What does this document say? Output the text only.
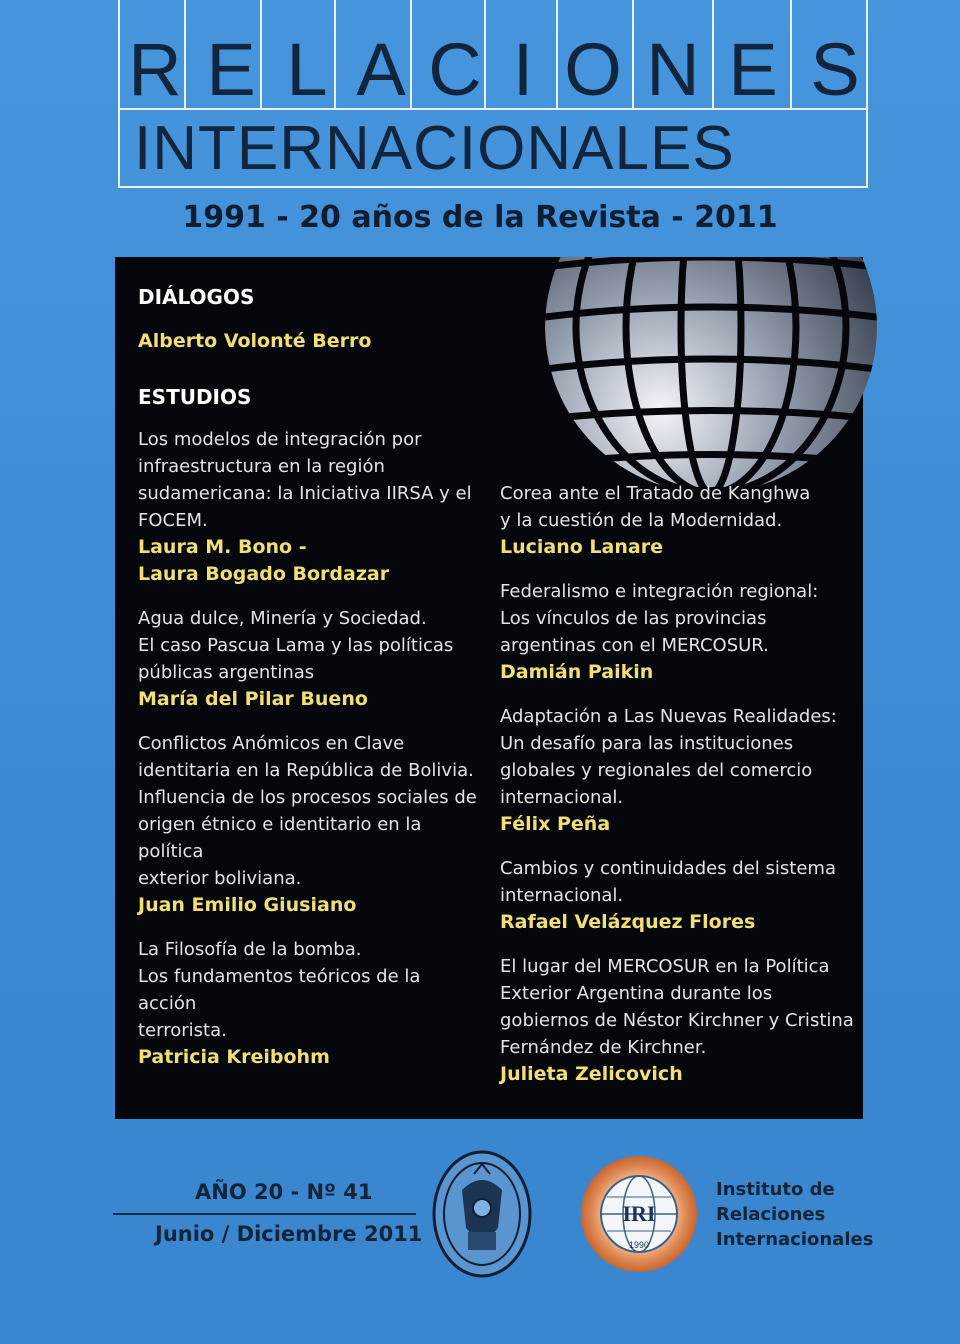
R E L A C I O N E S
INTERNACIONALES
1991 - 20 años de la Revista - 2011
DIÁLOGOS
Alberto Volonté Berro
ESTUDIOS
Los modelos de integración por
infraestructura en la región
sudamericana: la Iniciativa IIRSA y el
FOCEM.
Laura M. Bono -
Laura Bogado Bordazar
Agua dulce, Minería y Sociedad.
El caso Pascua Lama y las políticas
públicas argentinas
María del Pilar Bueno
Conflictos Anómicos en Clave
identitaria en la República de Bolivia.
Influencia de los procesos sociales de
origen étnico e identitario en la política
exterior boliviana.
Juan Emilio Giusiano
La Filosofía de la bomba.
Los fundamentos teóricos de la acción
terrorista.
Patricia Kreibohm
Corea ante el Tratado de Kanghwa
y la cuestión de la Modernidad.
Luciano Lanare
Federalismo e integración regional:
Los vínculos de las provincias
argentinas con el MERCOSUR.
Damián Paikin
Adaptación a Las Nuevas Realidades:
Un desafío para las instituciones
globales y regionales del comercio
internacional.
Félix Peña
Cambios y continuidades del sistema
internacional.
Rafael Velázquez Flores
El lugar del MERCOSUR en la Política
Exterior Argentina durante los
gobiernos de Néstor Kirchner y Cristina
Fernández de Kirchner.
Julieta Zelicovich
AÑO 20 - Nº 41
Junio / Diciembre 2011
IRI
1990
Instituto de
Relaciones
Internacionales
